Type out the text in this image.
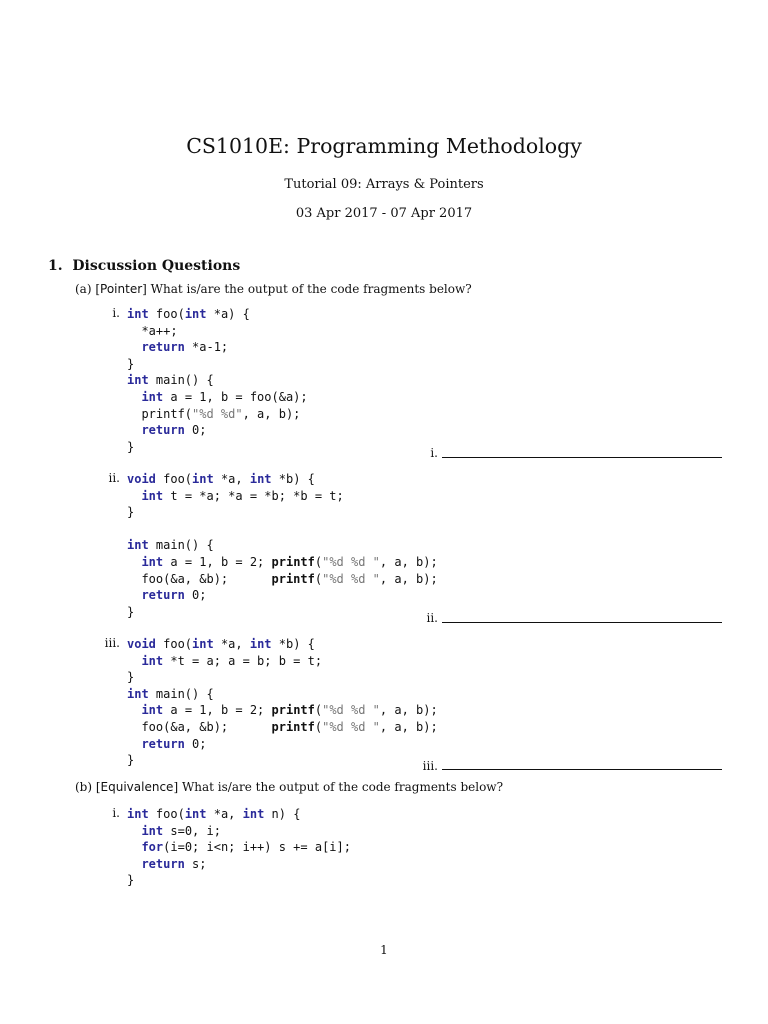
CS1010E: Programming Methodology
Tutorial 09: Arrays & Pointers
03 Apr 2017 - 07 Apr 2017
1. Discussion Questions
(a) [Pointer] What is/are the output of the code fragments below?
i. int foo(int *a) {
*a++;
return *a-1;
}
int main() {
int a = 1, b = foo(&a);
printf("%d %d", a, b);
return 0;
}	i.
ii. void foo(int *a, int *b) {
int t = *a; *a = *b; *b = t;
}

int main() {
int a = 1, b = 2; printf("%d %d ", a, b);
foo(&a, &b);      printf("%d %d ", a, b);
return 0;
}	ii.
iii. void foo(int *a, int *b) {
int *t = a; a = b; b = t;
}
int main() {
int a = 1, b = 2; printf("%d %d ", a, b);
foo(&a, &b);      printf("%d %d ", a, b);
return 0;
}	iii.
(b) [Equivalence] What is/are the output of the code fragments below?
i. int foo(int *a, int n) {
int s=0, i;
for(i=0; i<n; i++) s += a[i];
return s;
}
1
